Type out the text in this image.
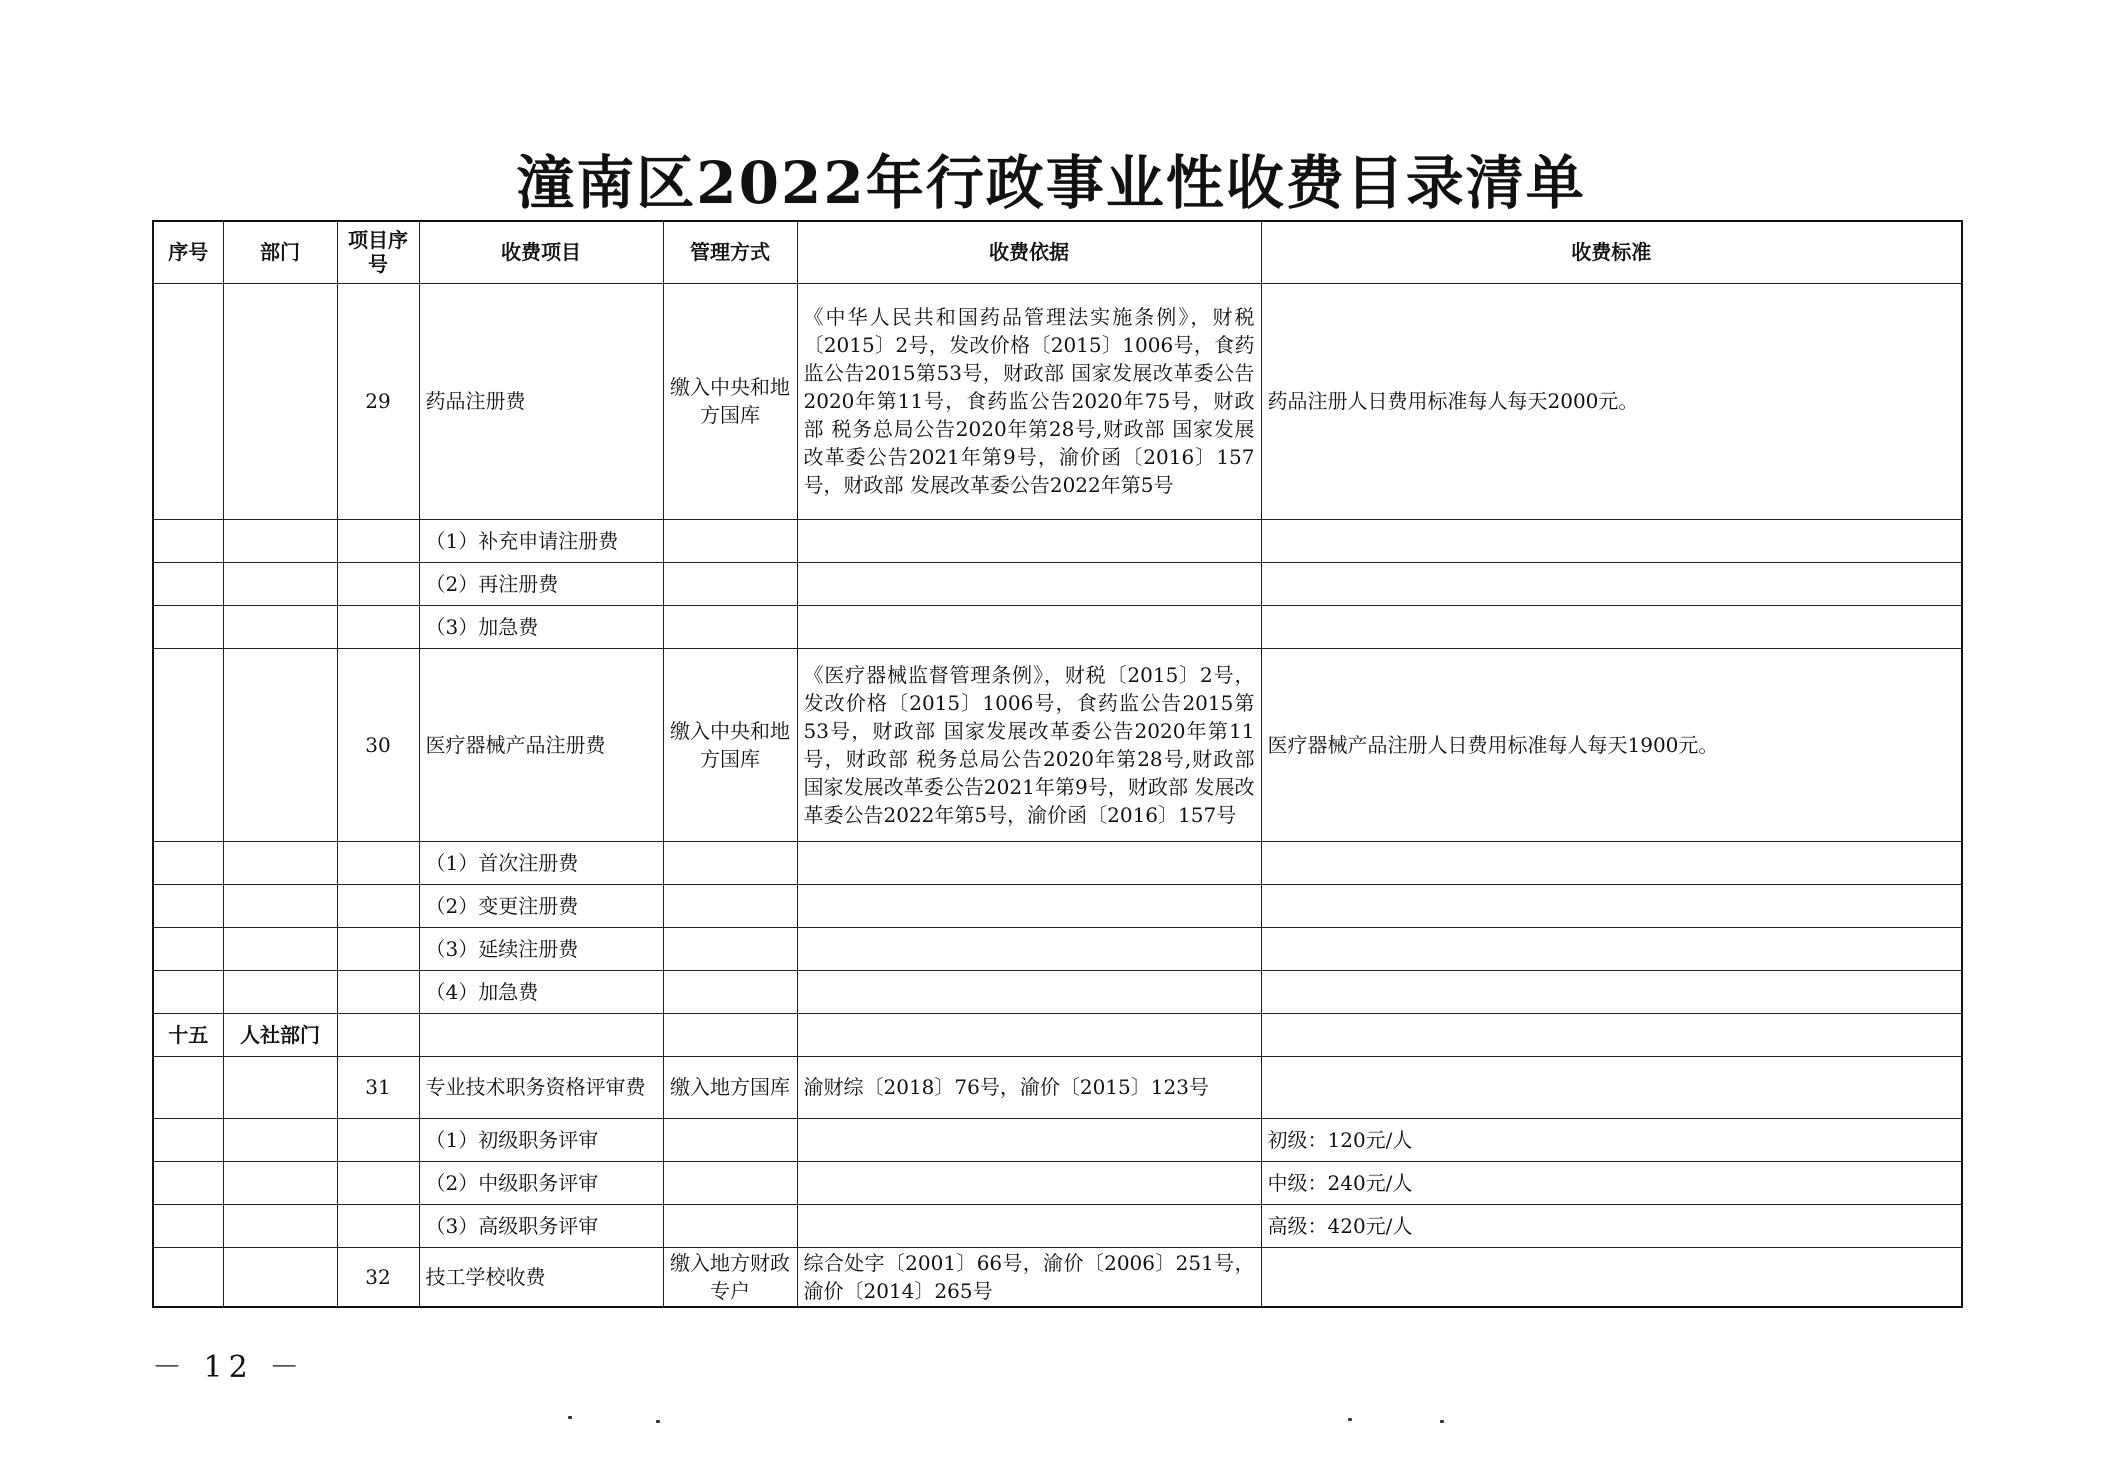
潼南区2022年行政事业性收费目录清单
序号	部门	项目序号	收费项目	管理方式	收费依据	收费标准
		29	药品注册费	缴入中央和地方国库	《中华人民共和国药品管理法实施条例》，财税〔2015〕2号，发改价格〔2015〕1006号，食药监公告2015第53号，财政部 国家发展改革委公告2020年第11号，食药监公告2020年75号，财政部 税务总局公告2020年第28号,财政部 国家发展改革委公告2021年第9号，渝价函〔2016〕157号，财政部 发展改革委公告2022年第5号	药品注册人日费用标准每人每天2000元。
			（1）补充申请注册费			
			（2）再注册费			
			（3）加急费			
		30	医疗器械产品注册费	缴入中央和地方国库	《医疗器械监督管理条例》，财税〔2015〕2号，发改价格〔2015〕1006号，食药监公告2015第53号，财政部 国家发展改革委公告2020年第11号，财政部 税务总局公告2020年第28号,财政部 国家发展改革委公告2021年第9号，财政部 发展改革委公告2022年第5号，渝价函〔2016〕157号	医疗器械产品注册人日费用标准每人每天1900元。
			（1）首次注册费			
			（2）变更注册费			
			（3）延续注册费			
			（4）加急费			
十五	人社部门					
		31	专业技术职务资格评审费	缴入地方国库	渝财综〔2018〕76号，渝价〔2015〕123号	
			（1）初级职务评审			初级：120元/人
			（2）中级职务评审			中级：240元/人
			（3）高级职务评审			高级：420元/人
		32	技工学校收费	缴入地方财政专户	综合处字〔2001〕66号，渝价〔2006〕251号，渝价〔2014〕265号	
－ 12 －
